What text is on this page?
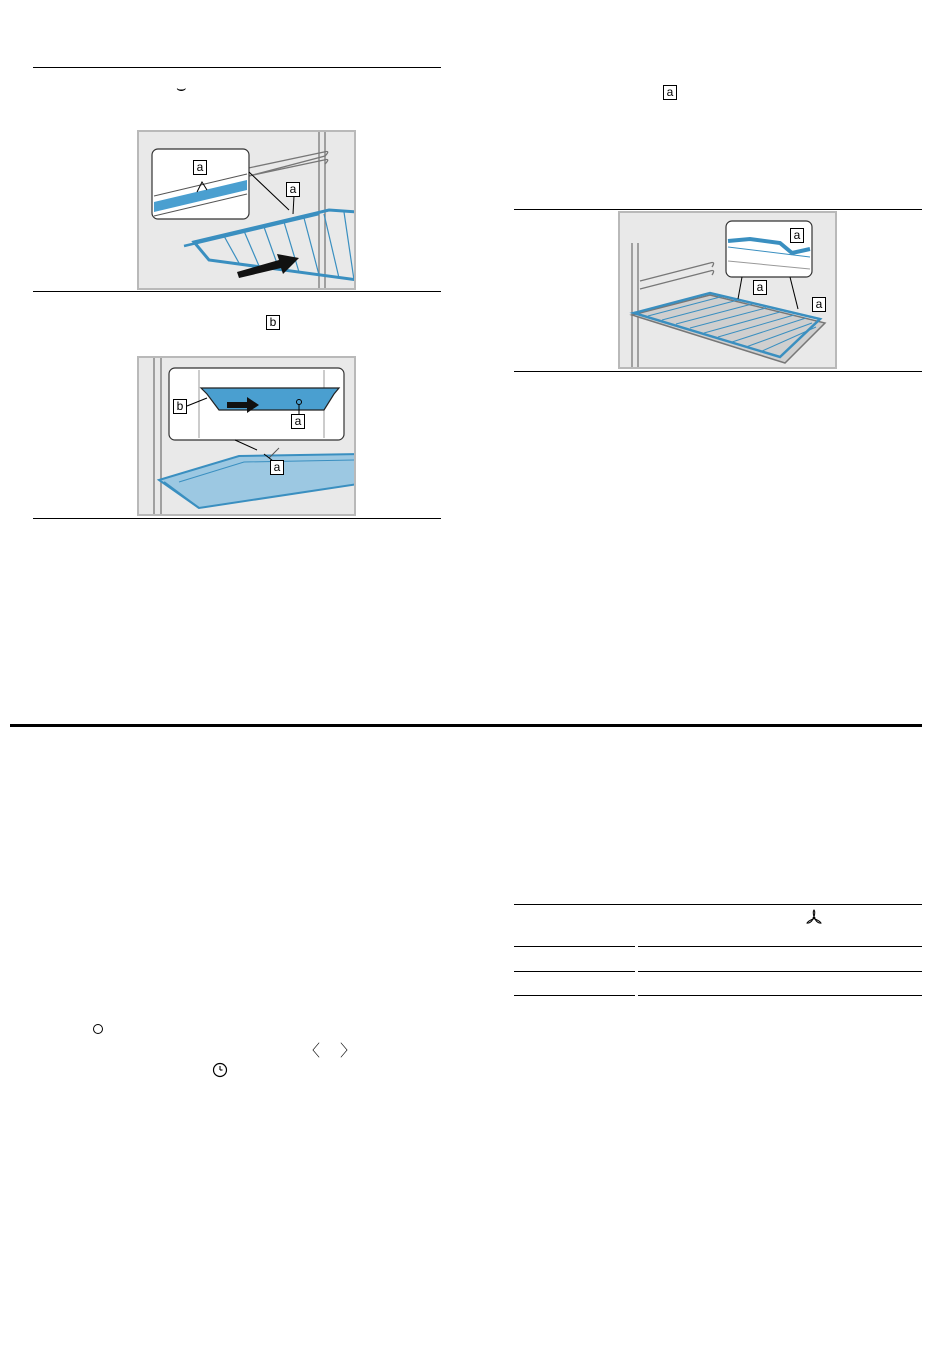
⌣
a
a
b
b
a
a
a
a
a
a
〈 〉
